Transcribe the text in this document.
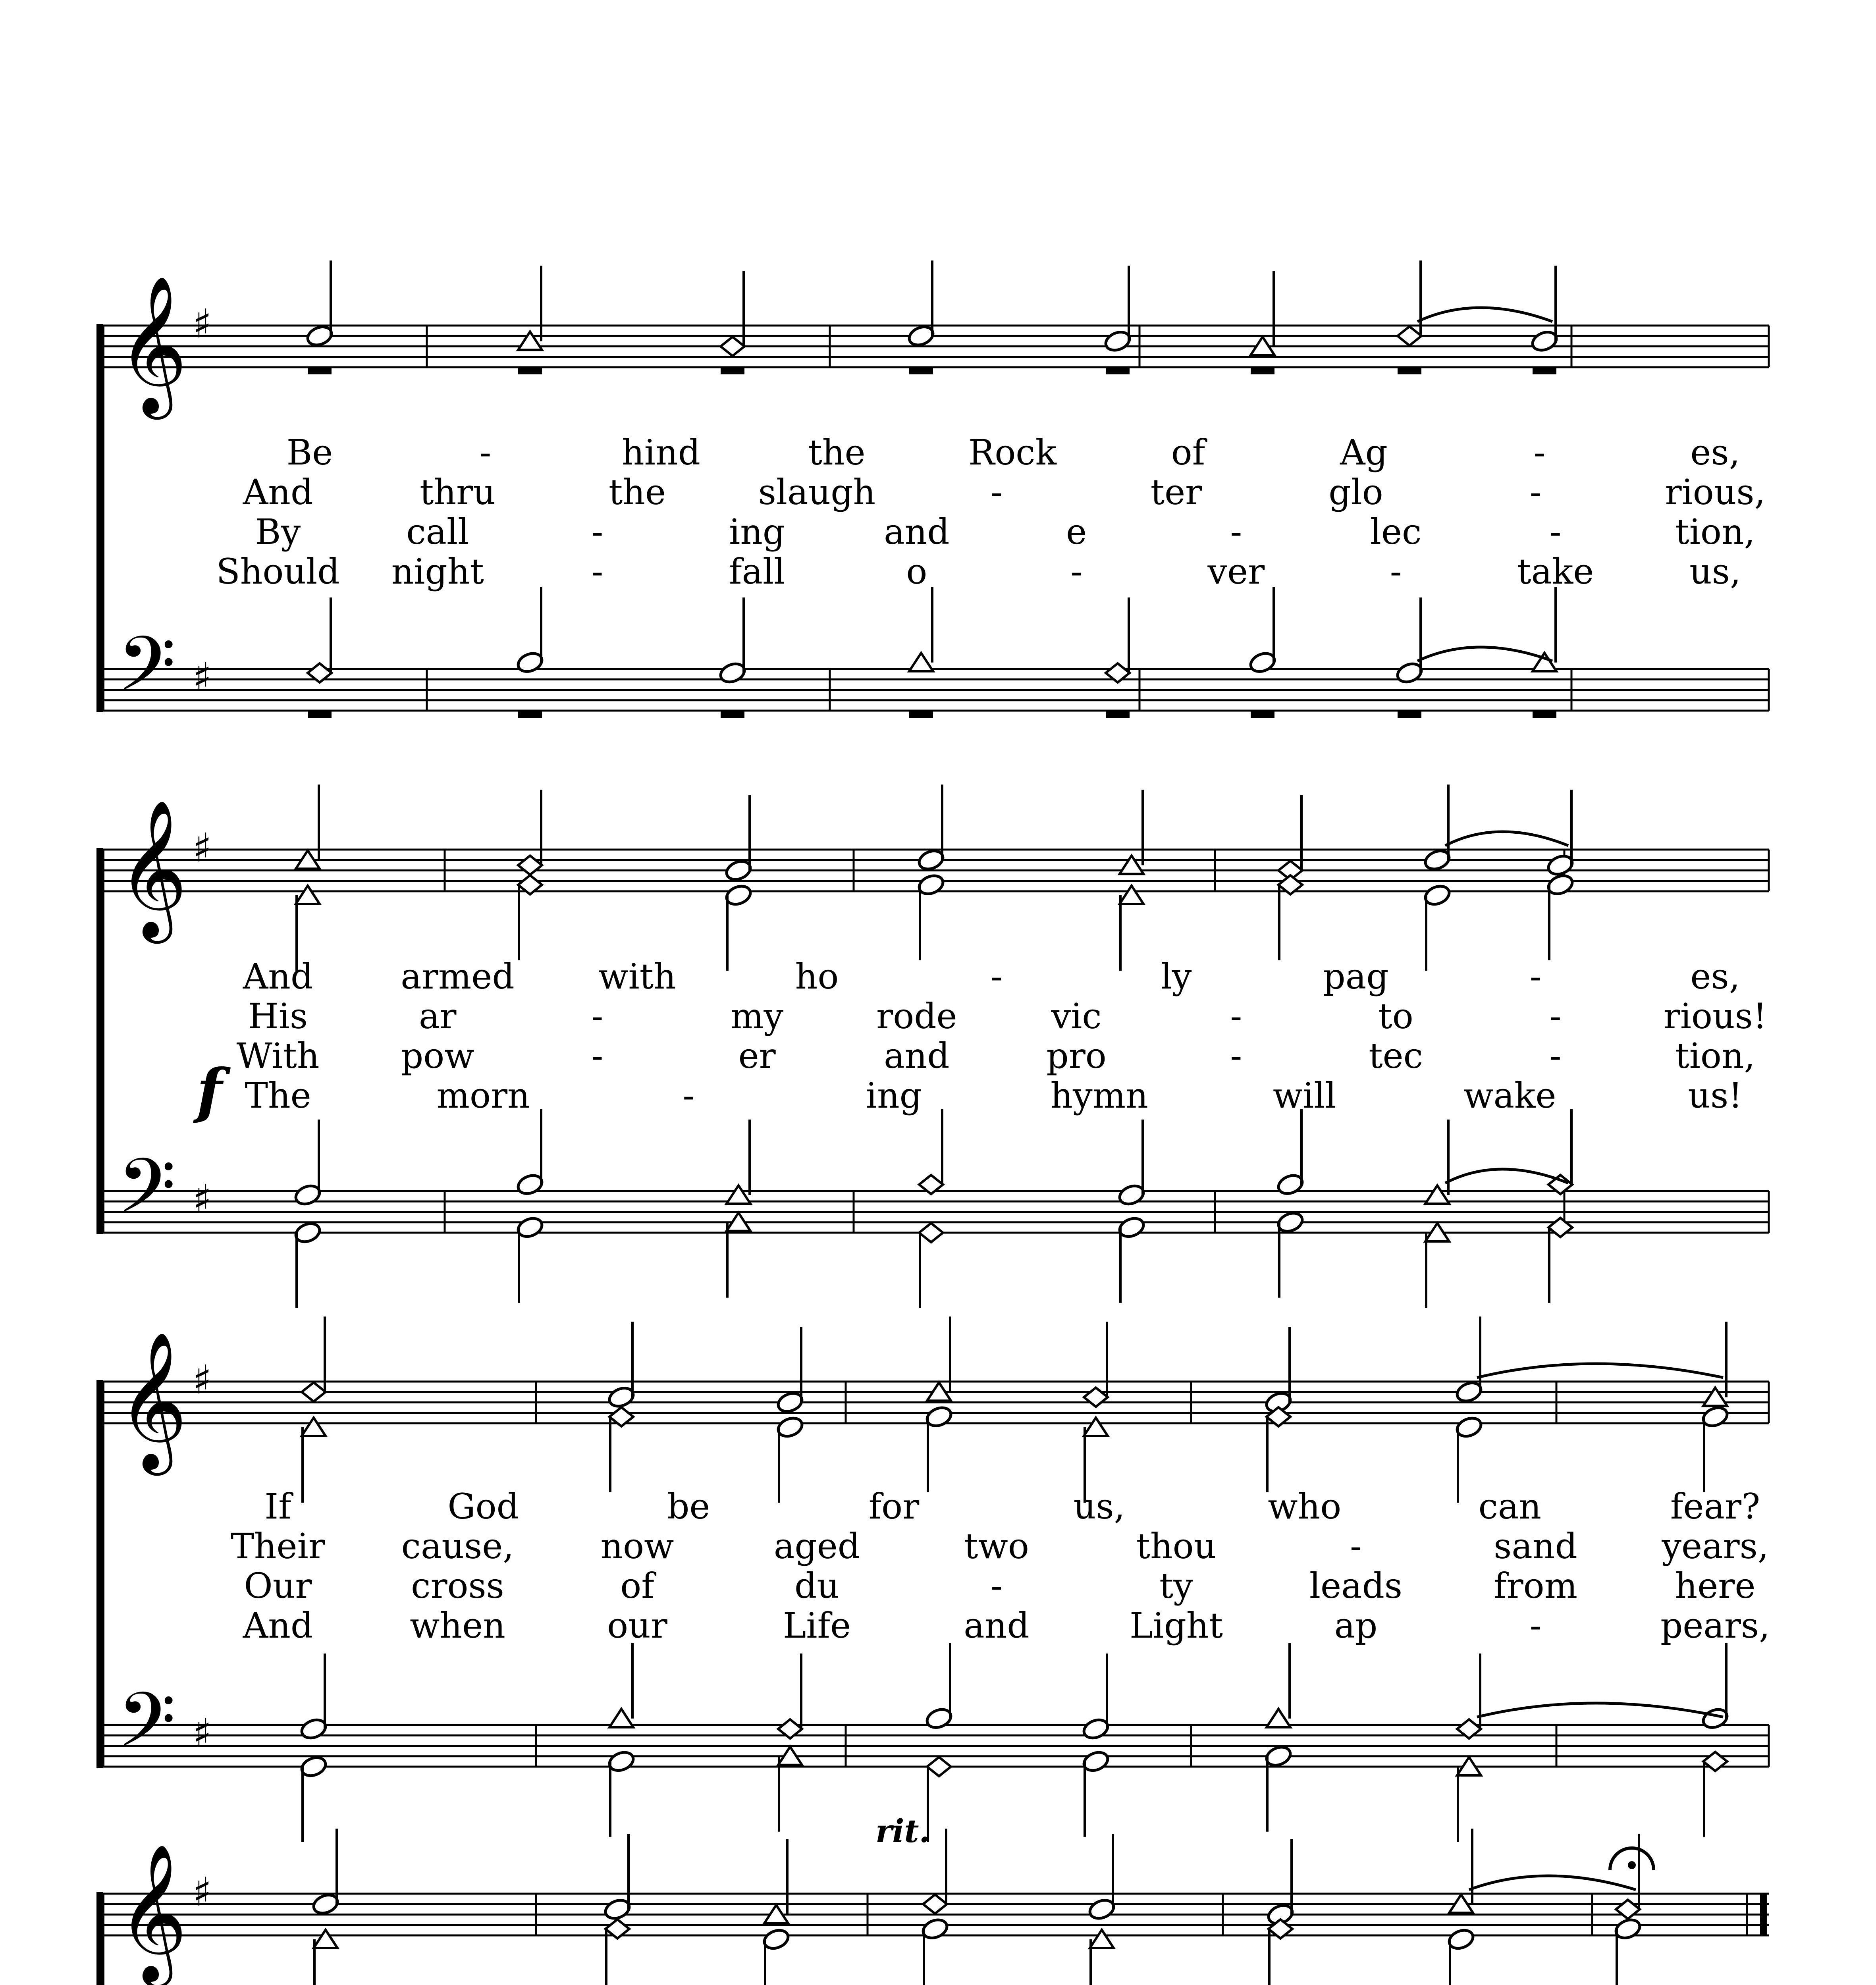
𝄞
𝄢
♯
♯
Be	-	hind	the	Rock	of	Ag	-	es,
And	thru	the	slaugh	-	ter	glo	-	rious,
By	call	-	ing	and	e	-	lec	-	tion,
Should night	-	fall	o	-	ver	-	take	us,
𝄞
𝄢
♯
♯
And	armed with	ho	-	ly	pag	-	es,
His	ar	-	my	rode	vic	-	to	-	rious!
With pow	-	er	and	pro	-	tec	-	tion,
The	morn	-	ing	hymn	will	wake	us!
f
𝄞
𝄢
♯
♯
If	God	be	for	us,	who	can	fear?
Their cause, now	aged	two	thou	-	sand years,
Our	cross	of	du	-	ty	leads	from	here
And	when	our	Life	and	Light	ap	-	pears,
𝄞 ♯
rit.
